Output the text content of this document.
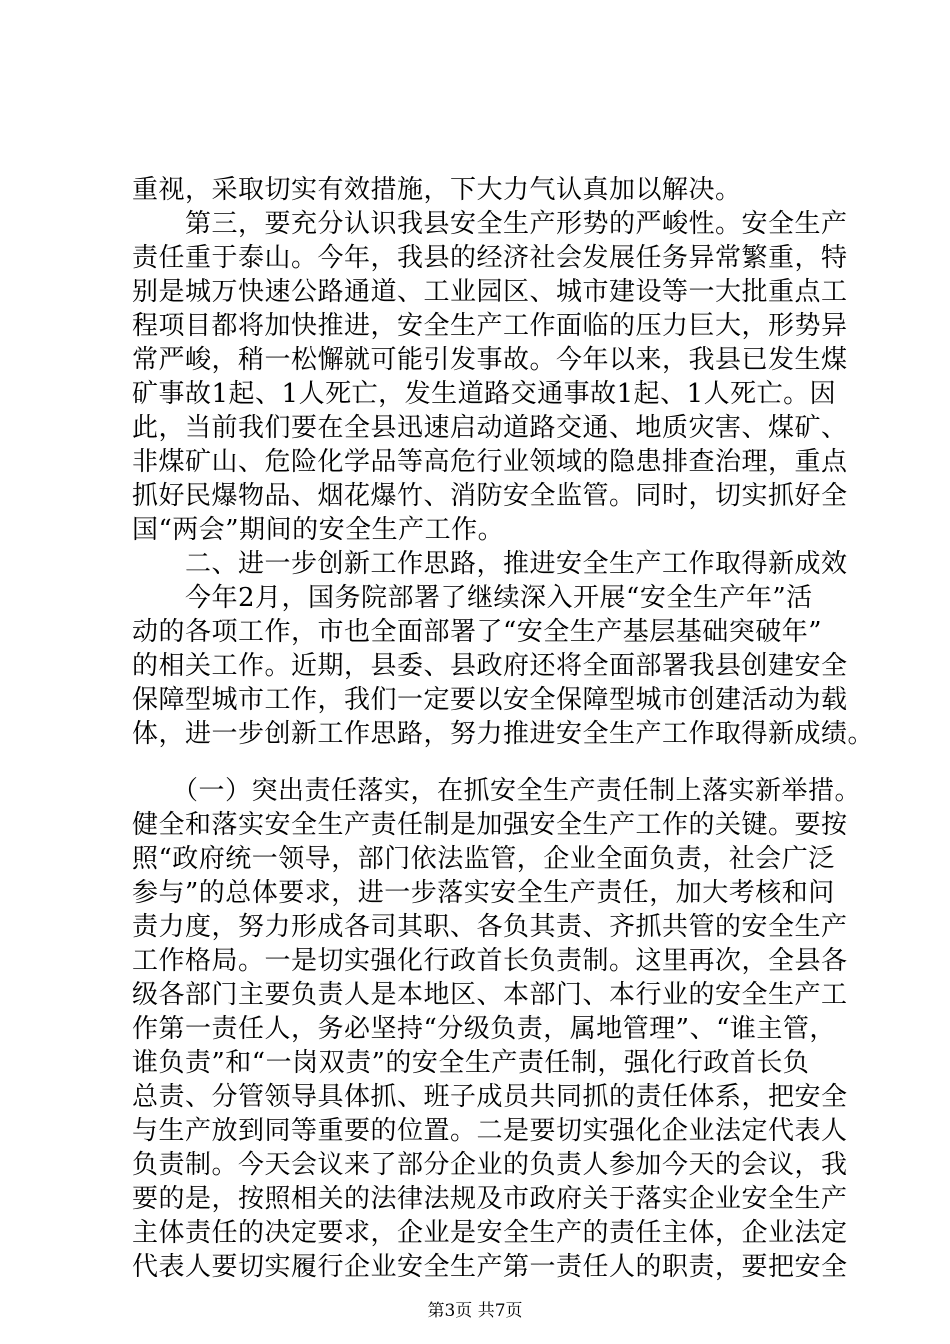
重视，采取切实有效措施，下大力气认真加以解决。
　　第三，要充分认识我县安全生产形势的严峻性。安全生产
责任重于泰山。今年，我县的经济社会发展任务异常繁重，特
别是城万快速公路通道、工业园区、城市建设等一大批重点工
程项目都将加快推进，安全生产工作面临的压力巨大，形势异
常严峻，稍一松懈就可能引发事故。今年以来，我县已发生煤
矿事故1起、1人死亡，发生道路交通事故1起、1人死亡。因
此，当前我们要在全县迅速启动道路交通、地质灾害、煤矿、
非煤矿山、危险化学品等高危行业领域的隐患排查治理，重点
抓好民爆物品、烟花爆竹、消防安全监管。同时，切实抓好全
国“两会”期间的安全生产工作。
　　二、进一步创新工作思路，推进安全生产工作取得新成效
　　今年2月，国务院部署了继续深入开展“安全生产年”活
动的各项工作，市也全面部署了“安全生产基层基础突破年”
的相关工作。近期，县委、县政府还将全面部署我县创建安全
保障型城市工作，我们一定要以安全保障型城市创建活动为载
体，进一步创新工作思路，努力推进安全生产工作取得新成绩。
　　（一）突出责任落实，在抓安全生产责任制上落实新举措。
健全和落实安全生产责任制是加强安全生产工作的关键。要按
照“政府统一领导，部门依法监管，企业全面负责，社会广泛
参与”的总体要求，进一步落实安全生产责任，加大考核和问
责力度，努力形成各司其职、各负其责、齐抓共管的安全生产
工作格局。一是切实强化行政首长负责制。这里再次，全县各
级各部门主要负责人是本地区、本部门、本行业的安全生产工
作第一责任人，务必坚持“分级负责，属地管理”、“谁主管，
谁负责”和“一岗双责”的安全生产责任制，强化行政首长负
总责、分管领导具体抓、班子成员共同抓的责任体系，把安全
与生产放到同等重要的位置。二是要切实强化企业法定代表人
负责制。今天会议来了部分企业的负责人参加今天的会议，我
要的是，按照相关的法律法规及市政府关于落实企业安全生产
主体责任的决定要求，企业是安全生产的责任主体，企业法定
代表人要切实履行企业安全生产第一责任人的职责，要把安全
第3页 共7页
